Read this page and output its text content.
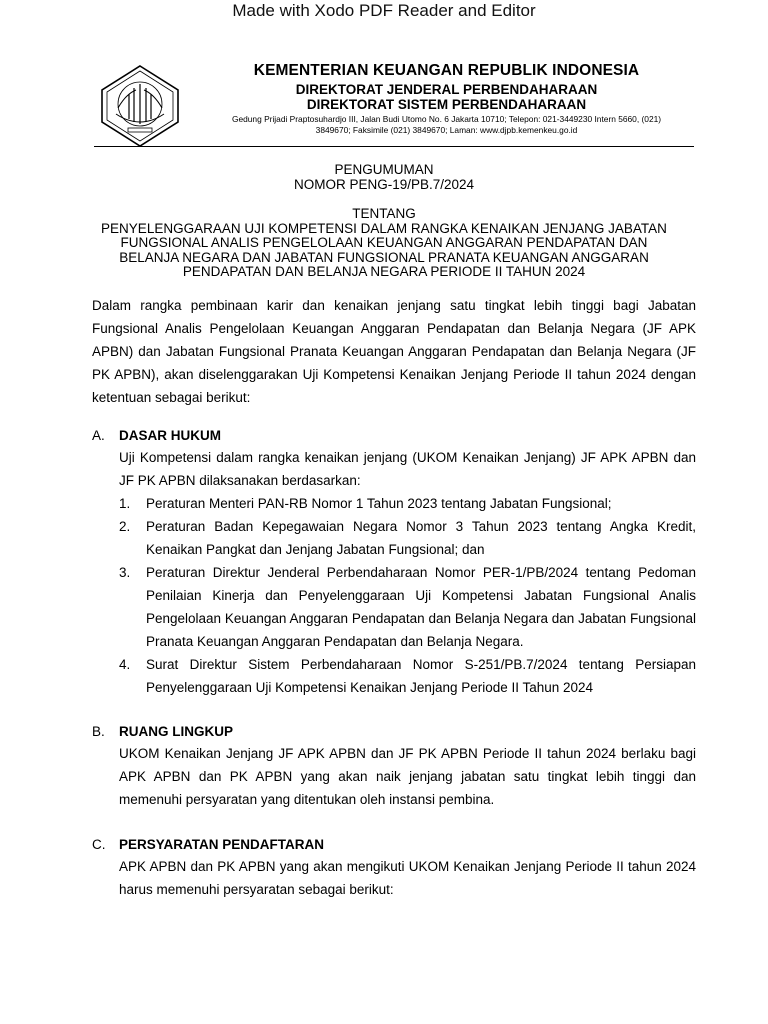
Made with Xodo PDF Reader and Editor
KEMENTERIAN KEUANGAN REPUBLIK INDONESIA
DIREKTORAT JENDERAL PERBENDAHARAAN
DIREKTORAT SISTEM PERBENDAHARAAN
Gedung Prijadi Praptosuhardjo III, Jalan Budi Utomo No. 6 Jakarta 10710; Telepon: 021-3449230 Intern 5660, (021)
3849670; Faksimile (021) 3849670; Laman: www.djpb.kemenkeu.go.id
PENGUMUMAN
NOMOR PENG-19/PB.7/2024
TENTANG
PENYELENGGARAAN UJI KOMPETENSI DALAM RANGKA KENAIKAN JENJANG JABATAN
FUNGSIONAL ANALIS PENGELOLAAN KEUANGAN ANGGARAN PENDAPATAN DAN
BELANJA NEGARA DAN JABATAN FUNGSIONAL PRANATA KEUANGAN ANGGARAN
PENDAPATAN DAN BELANJA NEGARA PERIODE II TAHUN 2024
Dalam rangka pembinaan karir dan kenaikan jenjang satu tingkat lebih tinggi bagi Jabatan Fungsional Analis Pengelolaan Keuangan Anggaran Pendapatan dan Belanja Negara (JF APK APBN) dan Jabatan Fungsional Pranata Keuangan Anggaran Pendapatan dan Belanja Negara (JF PK APBN), akan diselenggarakan Uji Kompetensi Kenaikan Jenjang Periode II tahun 2024 dengan ketentuan sebagai berikut:
A. DASAR HUKUM
Uji Kompetensi dalam rangka kenaikan jenjang (UKOM Kenaikan Jenjang) JF APK APBN dan JF PK APBN dilaksanakan berdasarkan:
1. Peraturan Menteri PAN-RB Nomor 1 Tahun 2023 tentang Jabatan Fungsional;
2. Peraturan Badan Kepegawaian Negara Nomor 3 Tahun 2023 tentang Angka Kredit, Kenaikan Pangkat dan Jenjang Jabatan Fungsional; dan
3. Peraturan Direktur Jenderal Perbendaharaan Nomor PER-1/PB/2024 tentang Pedoman Penilaian Kinerja dan Penyelenggaraan Uji Kompetensi Jabatan Fungsional Analis Pengelolaan Keuangan Anggaran Pendapatan dan Belanja Negara dan Jabatan Fungsional Pranata Keuangan Anggaran Pendapatan dan Belanja Negara.
4. Surat Direktur Sistem Perbendaharaan Nomor S-251/PB.7/2024 tentang Persiapan Penyelenggaraan Uji Kompetensi Kenaikan Jenjang Periode II Tahun 2024
B. RUANG LINGKUP
UKOM Kenaikan Jenjang JF APK APBN dan JF PK APBN Periode II tahun 2024 berlaku bagi APK APBN dan PK APBN yang akan naik jenjang jabatan satu tingkat lebih tinggi dan memenuhi persyaratan yang ditentukan oleh instansi pembina.
C. PERSYARATAN PENDAFTARAN
APK APBN dan PK APBN yang akan mengikuti UKOM Kenaikan Jenjang Periode II tahun 2024 harus memenuhi persyaratan sebagai berikut:
